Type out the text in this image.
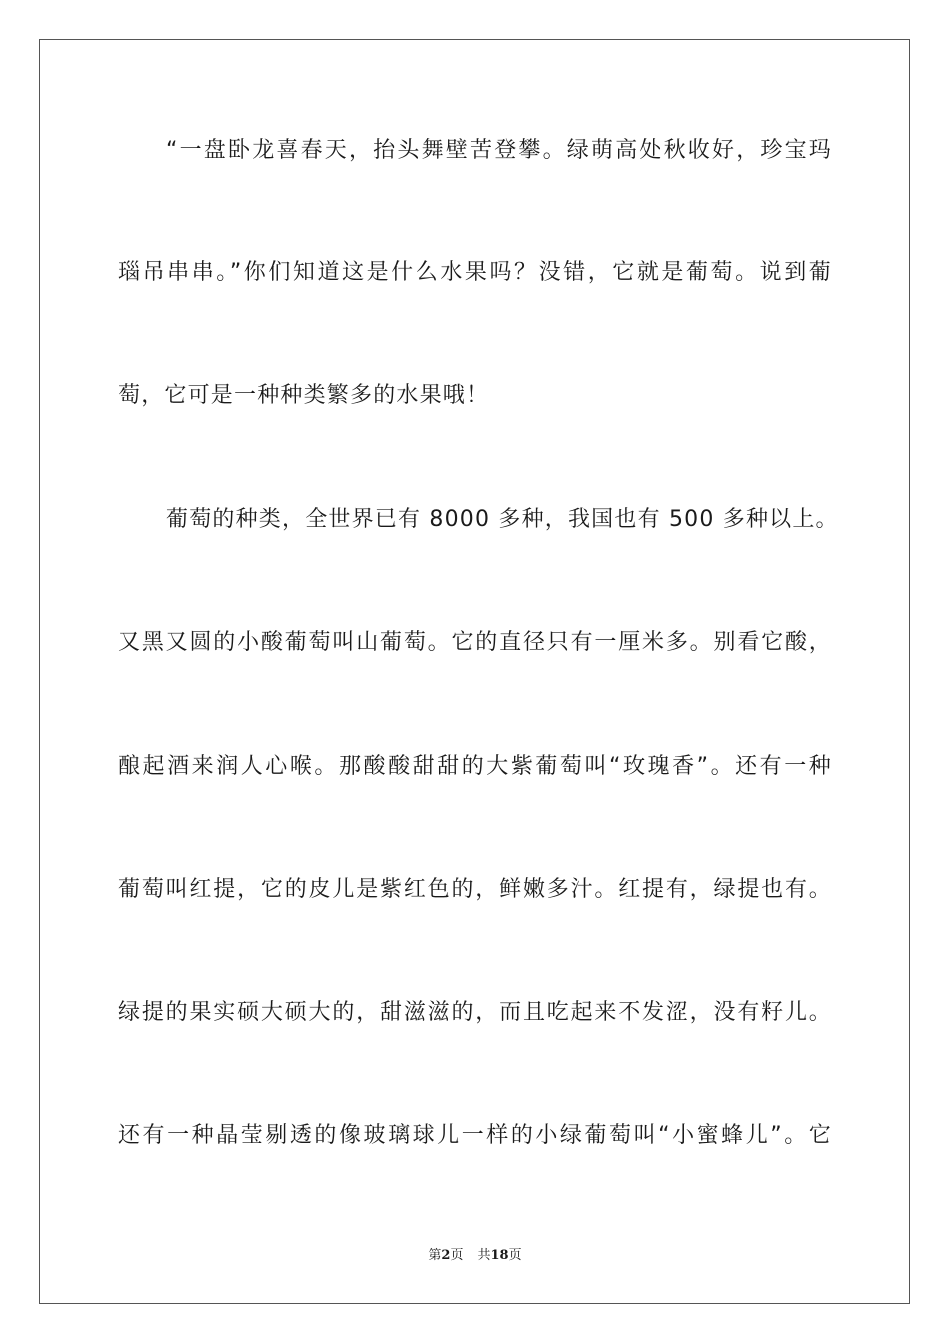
“一盘卧龙喜春天，抬头舞壁苦登攀。绿萌高处秋收好，珍宝玛
瑙吊串串。”你们知道这是什么水果吗？没错，它就是葡萄。说到葡
萄，它可是一种种类繁多的水果哦！
葡萄的种类，全世界已有 8000 多种，我国也有 500 多种以上。
又黑又圆的小酸葡萄叫山葡萄。它的直径只有一厘米多。别看它酸，
酿起酒来润人心喉。那酸酸甜甜的大紫葡萄叫“玫瑰香”。还有一种
葡萄叫红提，它的皮儿是紫红色的，鲜嫩多汁。红提有，绿提也有。
绿提的果实硕大硕大的，甜滋滋的，而且吃起来不发涩，没有籽儿。
还有一种晶莹剔透的像玻璃球儿一样的小绿葡萄叫“小蜜蜂儿”。它
第2页 共18页
